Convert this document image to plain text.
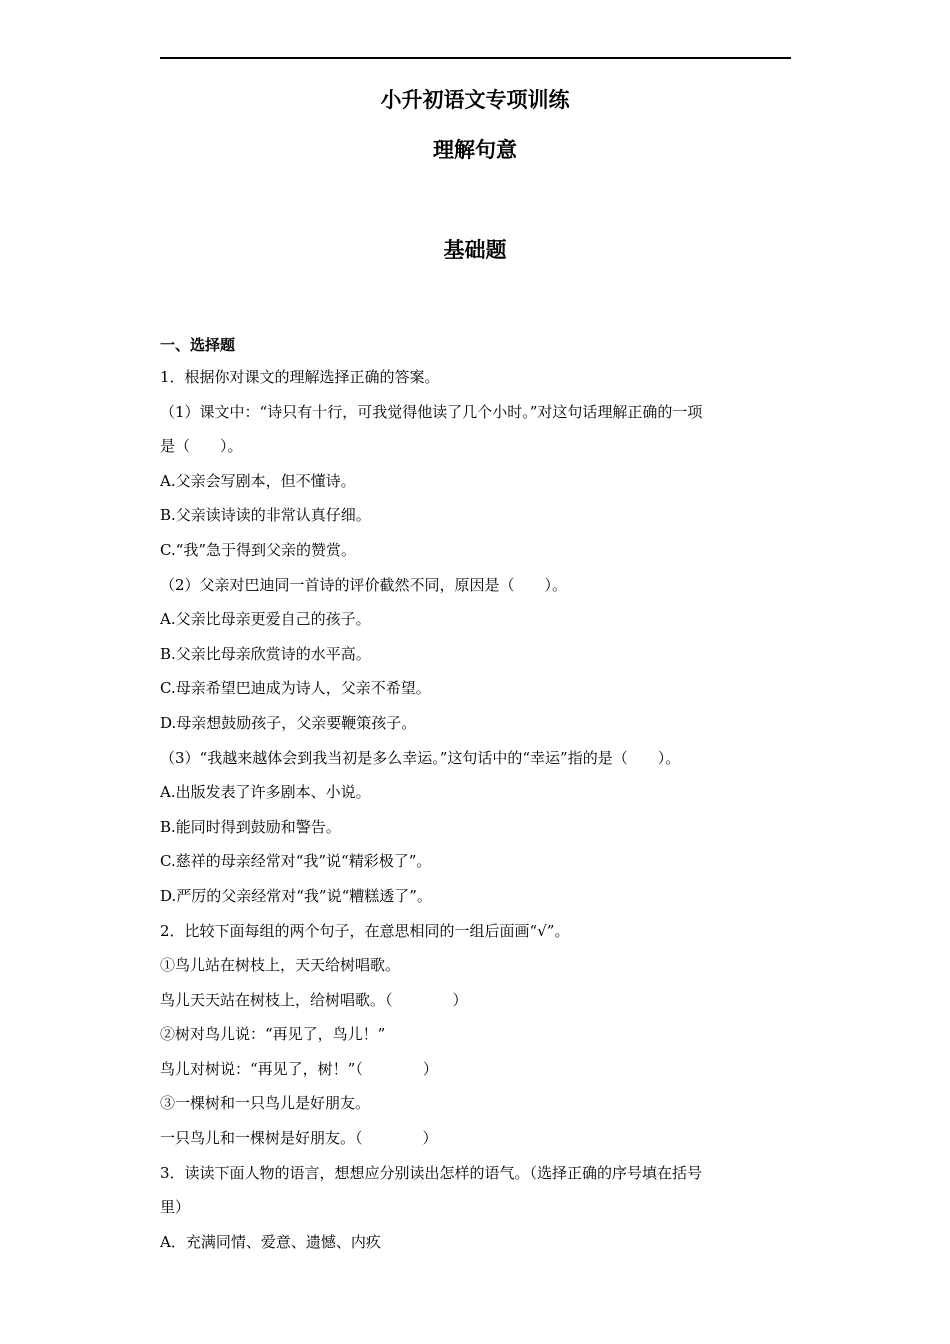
小升初语文专项训练
理解句意
基础题
一、选择题
1．根据你对课文的理解选择正确的答案。
（1）课文中：“诗只有十行，可我觉得他读了几个小时。”对这句话理解正确的一项
是（　　）。
A.父亲会写剧本，但不懂诗。
B.父亲读诗读的非常认真仔细。
C.“我”急于得到父亲的赞赏。
（2）父亲对巴迪同一首诗的评价截然不同，原因是（　　）。
A.父亲比母亲更爱自己的孩子。
B.父亲比母亲欣赏诗的水平高。
C.母亲希望巴迪成为诗人，父亲不希望。
D.母亲想鼓励孩子，父亲要鞭策孩子。
（3）“我越来越体会到我当初是多么幸运。”这句话中的“幸运”指的是（　　）。
A.出版发表了许多剧本、小说。
B.能同时得到鼓励和警告。
C.慈祥的母亲经常对“我”说“精彩极了”。
D.严厉的父亲经常对“我”说“糟糕透了”。
2．比较下面每组的两个句子，在意思相同的一组后面画“√”。
①鸟儿站在树枝上，天天给树唱歌。
鸟儿天天站在树枝上，给树唱歌。（　　　　）
②树对鸟儿说：“再见了，鸟儿！”
鸟儿对树说：“再见了，树！”（　　　　）
③一棵树和一只鸟儿是好朋友。
一只鸟儿和一棵树是好朋友。（　　　　）
3．读读下面人物的语言，想想应分别读出怎样的语气。（选择正确的序号填在括号
里）
A．充满同情、爱意、遗憾、内疚
